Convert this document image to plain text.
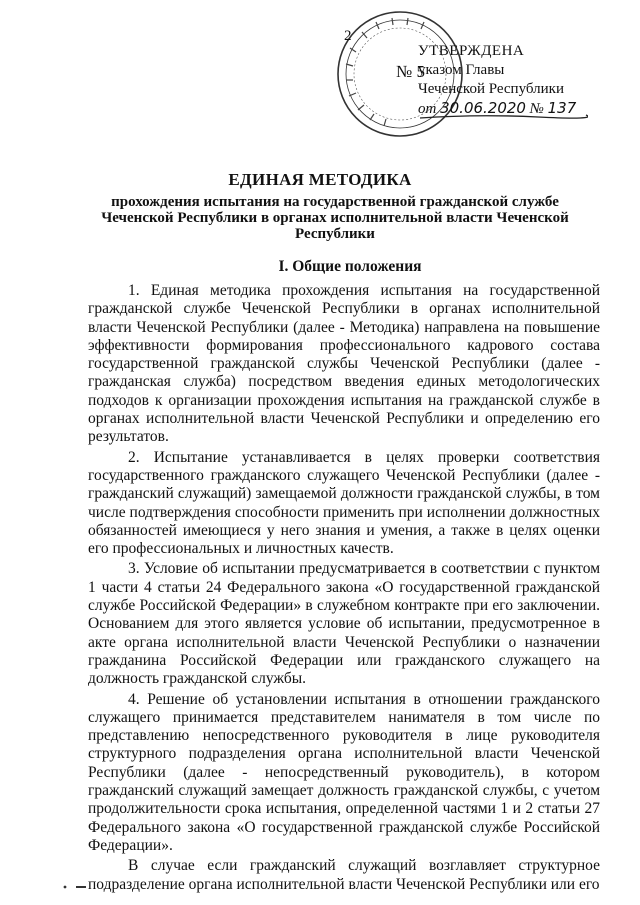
2
УТВЕРЖДЕНА
№ 5
указом Главы
Чеченской Республики
от 30.06.2020 № 137
ЕДИНАЯ МЕТОДИКА
прохождения испытания на государственной гражданской службе Чеченской Республики в органах исполнительной власти Чеченской Республики
I. Общие положения

1. Единая методика прохождения испытания на государственной гражданской службе Чеченской Республики в органах исполнительной власти Чеченской Республики (далее - Методика) направлена на повышение эффективности формирования профессионального кадрового состава государственной гражданской службы Чеченской Республики (далее - гражданская служба) посредством введения единых методологических подходов к организации прохождения испытания на гражданской службе в органах исполнительной власти Чеченской Республики и определению его результатов.

2. Испытание устанавливается в целях проверки соответствия государственного гражданского служащего Чеченской Республики (далее - гражданский служащий) замещаемой должности гражданской службы, в том числе подтверждения способности применить при исполнении должностных обязанностей имеющиеся у него знания и умения, а также в целях оценки его профессиональных и личностных качеств.

3. Условие об испытании предусматривается в соответствии с пунктом 1 части 4 статьи 24 Федерального закона «О государственной гражданской службе Российской Федерации» в служебном контракте при его заключении. Основанием для этого является условие об испытании, предусмотренное в акте органа исполнительной власти Чеченской Республики о назначении гражданина Российской Федерации или гражданского служащего на должность гражданской службы.

4. Решение об установлении испытания в отношении гражданского служащего принимается представителем нанимателя в том числе по представлению непосредственного руководителя в лице руководителя структурного подразделения органа исполнительной власти Чеченской Республики (далее - непосредственный руководитель), в котором гражданский служащий замещает должность гражданской службы, с учетом продолжительности срока испытания, определенной частями 1 и 2 статьи 27 Федерального закона «О государственной гражданской службе Российской Федерации».

В случае если гражданский служащий возглавляет структурное подразделение органа исполнительной власти Чеченской Республики или его
